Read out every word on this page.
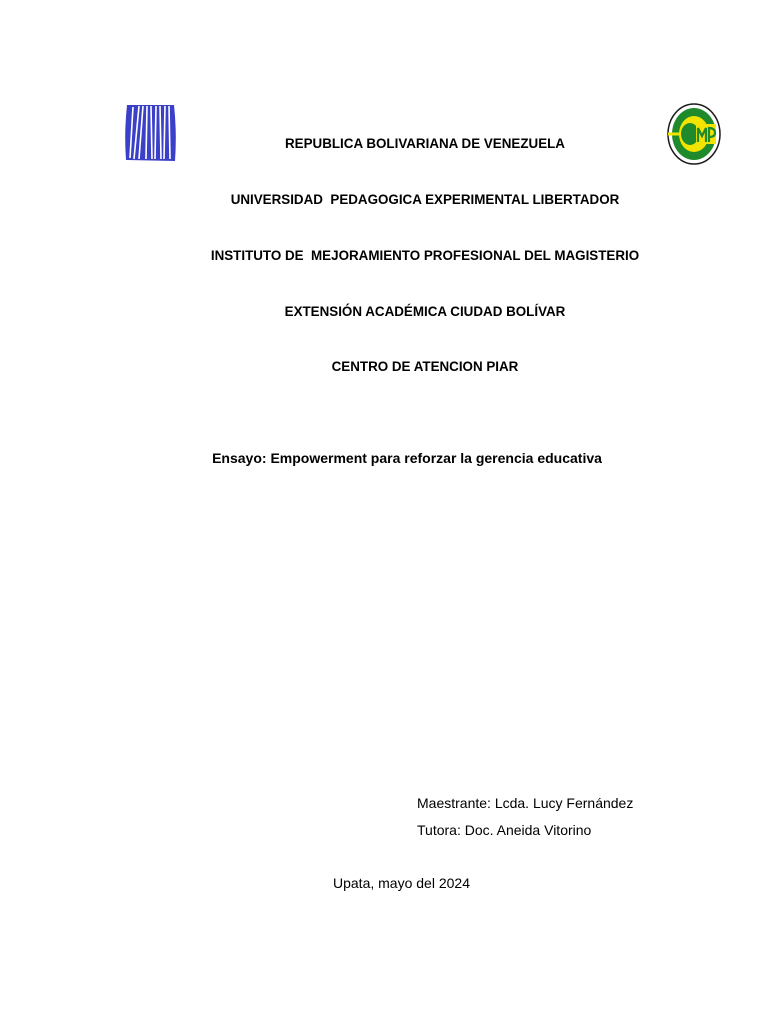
REPUBLICA BOLIVARIANA DE VENEZUELA

UNIVERSIDAD  PEDAGOGICA EXPERIMENTAL LIBERTADOR

INSTITUTO DE  MEJORAMIENTO PROFESIONAL DEL MAGISTERIO

EXTENSIÓN ACADÉMICA CIUDAD BOLÍVAR

CENTRO DE ATENCION PIAR

Ensayo: Empowerment para reforzar la gerencia educativa
Maestrante: Lcda. Lucy Fernández
Tutora: Doc. Aneida Vitorino
Upata, mayo del 2024
